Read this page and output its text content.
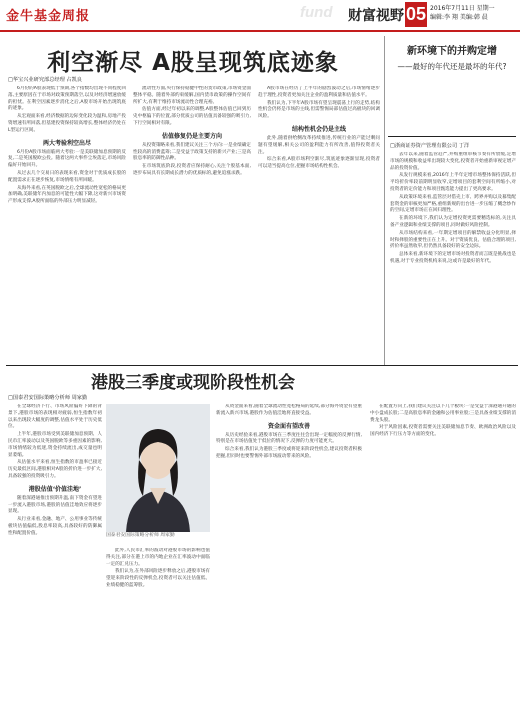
金牛基金周报	fund 财富视野 05 2016年7月11日 星期一
编辑:李 翔 美编:韩 晨
利空渐尽 A股呈现筑底迹象
□华宝兴业研究部总经理 占凯良

6月份的A股表现低于预期,各个指数均出现不同程度回落,主要原因在于市场对政策预期落空,以及对经济增速放缓的担忧。在利空因素逐步消化之后,A股市场开始出现筑底的迹象。

从宏观面来看,经济数据的边际变化较为温和,房地产投资增速有所回落,但基建投资保持较高增长,整体经济仍处在L型运行区间。

两大考验利空出尽

6月份A股市场面临两大考验:一是美联储加息预期的反复,二是英国脱欧公投。随着这两大事件尘埃落定,市场风险偏好开始回升。

从过去几个交易日的表现来看,资金对于优质成长股的配置需求正在逐步恢复,市场情绪有所回暖。

从海外来看,在英国脱欧之后,全球流动性宽松的格局更加明确,美联储年内加息的可能性大幅下降,这对新兴市场资产形成支撑,A股所面临的外部压力明显减轻。

流动性方面,央行保持稳健中性的货币政策,市场资金面整体平稳。随着外部约束缓解,国内货币政策的操作空间有所扩大,有利于维持市场流动性合理充裕。

估值方面,经过年初以来的调整,A股整体估值已回到历史中枢偏下的位置,部分优质公司的估值具备较强的吸引力,下行空间相对有限。

估值修复仍是主要方向

从投资策略来看,我们建议关注三个方向:一是业绩确定性较高的消费蓝筹;二是受益于政策支持的新兴产业;三是高股息率的防御性品种。

在市场筑底阶段,投资者应保持耐心,关注个股基本面,逐步布局具有长期成长潜力的优质标的,避免追涨杀跌。

A股市场在经历了上半年的剧烈波动之后,市场情绪逐步趋于理性,投资者更加关注企业的盈利质量和估值水平。

我们认为,下半年A股市场有望呈现震荡上行的走势,结构性机会仍将是市场的主线,但需警惕局部估值过高板块的回调风险。

结构性机会仍是主线

此外,随着供给侧改革持续推进,传统行业的产能过剩问题有望缓解,相关公司的盈利能力有所改善,值得投资者关注。

综合来看,A股市场利空渐尽,筑底迹象逐渐显现,投资者可以适当提高仓位,把握市场结构性机会。

新环境下的并购定增
——最好的年代还是最坏的年代?
□浙商证券资产管理有限公司 丁洋

去年以来,随着监管趋严,并购重组审核节奏有所放缓,定增市场的规模和收益率出现较大变化,投资者开始重新审视定增产品的投资价值。

从发行规模来看,2016年上半年定增市场整体保持活跃,但平均折价率较前期明显收窄,定增项目的套利空间有所缩小,对投资者的定价能力和项目甄选能力提出了更高要求。

从政策环境来看,监管层对借壳上市、跨界并购以及募集配套资金的审核更加严格,重组新规的出台进一步压缩了概念炒作的空间,定增市场正在回归理性。

在新的环境下,我们认为定增投资更需要精选标的,关注具备产业逻辑和业绩支撑的项目,同时做好风险控制。

从市场结构来看,一年期定增项目的解禁收益分化明显,择时和择股的重要性正在上升。对于资质优良、估值合理的项目,折价率虽然收窄,但仍然具备较好的安全边际。

总体来看,新环境下的定增市场对投资者而言既是挑战也是机遇,对于专业投资机构来说,这或许是最好的年代。

港股三季度或现阶段性机会
□国泰君安国际策略分析师 周家勤

在全球经济下行、市场风险偏好下降的背景下,港股市场的表现相对疲弱,恒生指数年初以来出现较大幅度的调整,估值水平处于历史低位。

上半年,港股市场受到美联储加息预期、人民币汇率波动以及英国脱欧等多重因素的影响,市场情绪较为低迷,资金持续流出,成交量也明显萎缩。

从估值水平来看,恒生指数的市盈率已接近历史最低区间,港股相对A股的折价进一步扩大,具备较强的投资吸引力。

港股估值‘价值洼地’

随着深港通推出预期升温,南下资金有望进一步流入港股市场,港股的估值洼地效应将逐步显现。

从行业来看,金融、地产、公用事业等传统板块估值偏低,股息率较高,具备较好的防御属性和配置价值。	国泰君安国际策略分析师 周家勤

此外,人民币汇率的波动对港股市场的影响也值得关注,部分在港上市的内地企业在汇率波动中面临一定的汇兑压力。

我们认为,在外部风险逐步释放之后,港股市场有望迎来阶段性的反弹机会,投资者可以关注估值低、业绩稳健的蓝筹股。

从资金面来看,随着全球流动性宽松格局的延续,部分海外资金有望重新流入新兴市场,港股作为估值洼地将直接受益。

资金面有望改善

从历史经验来看,港股市场在三季度往往会出现一定幅度的反弹行情,特别是在市场估值处于低位的情况下,反弹的力度可能更大。

综合来看,我们认为港股三季度或将迎来阶段性机会,建议投资者积极把握,但同时也要警惕外部市场波动带来的风险。

在配置方向上,我们建议关注以下几个板块:一是受益于深港通开通的中小盘成长股;二是高股息率的金融和公用事业股;三是具备业绩支撑的消费龙头股。

对于风险因素,投资者需要关注美联储加息节奏、欧洲政治风险以及国内经济下行压力等方面的变化。
